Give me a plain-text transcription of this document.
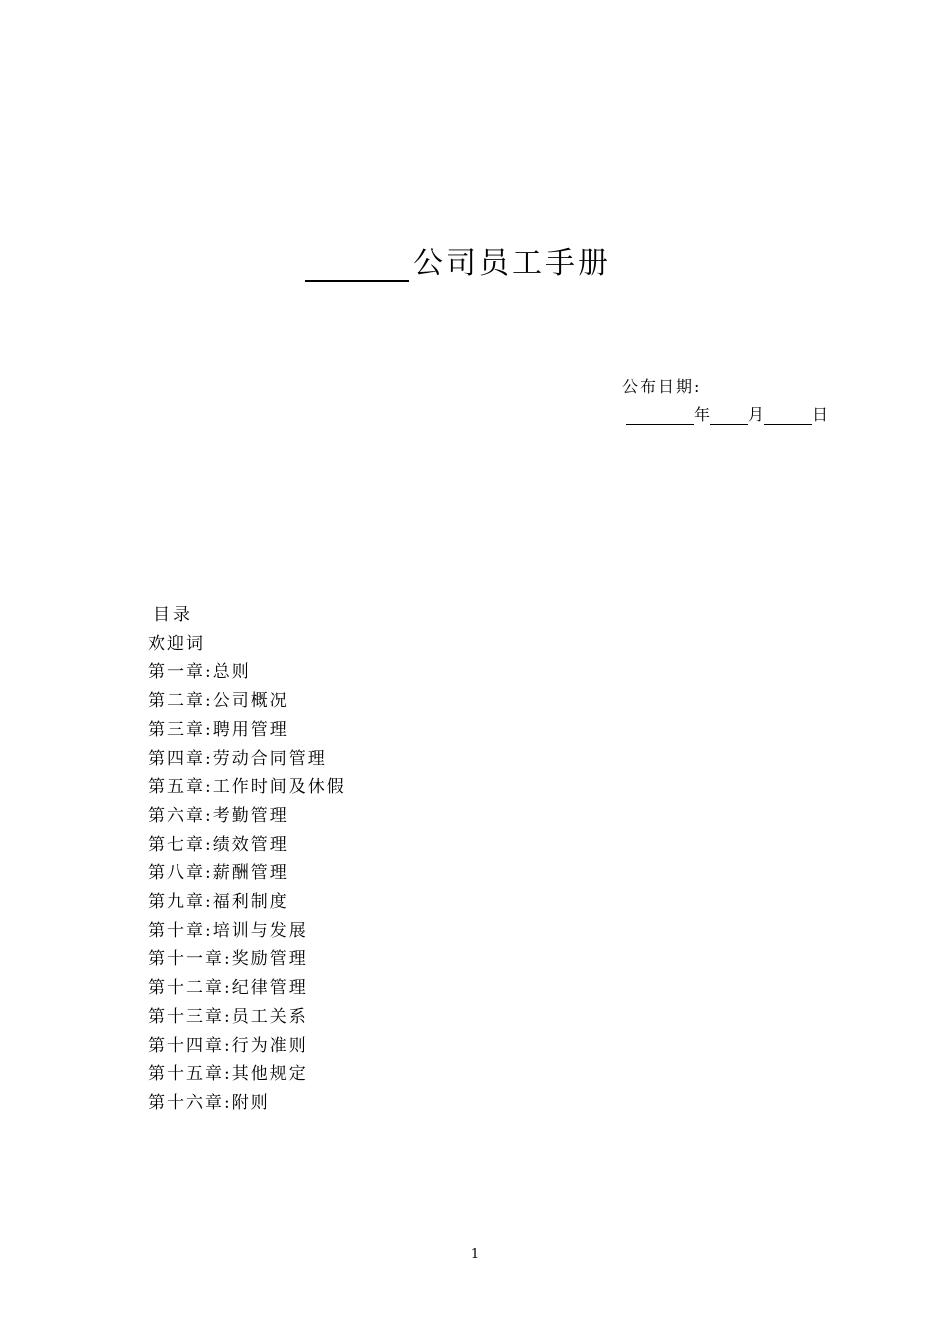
公司员工手册
公布日期:
年 月	日
目录
欢迎词
第一章:总则
第二章:公司概况
第三章:聘用管理
第四章:劳动合同管理
第五章:工作时间及休假
第六章:考勤管理
第七章:绩效管理
第八章:薪酬管理
第九章:福利制度
第十章:培训与发展
第十一章:奖励管理
第十二章:纪律管理
第十三章:员工关系
第十四章:行为准则
第十五章:其他规定
第十六章:附则
1
